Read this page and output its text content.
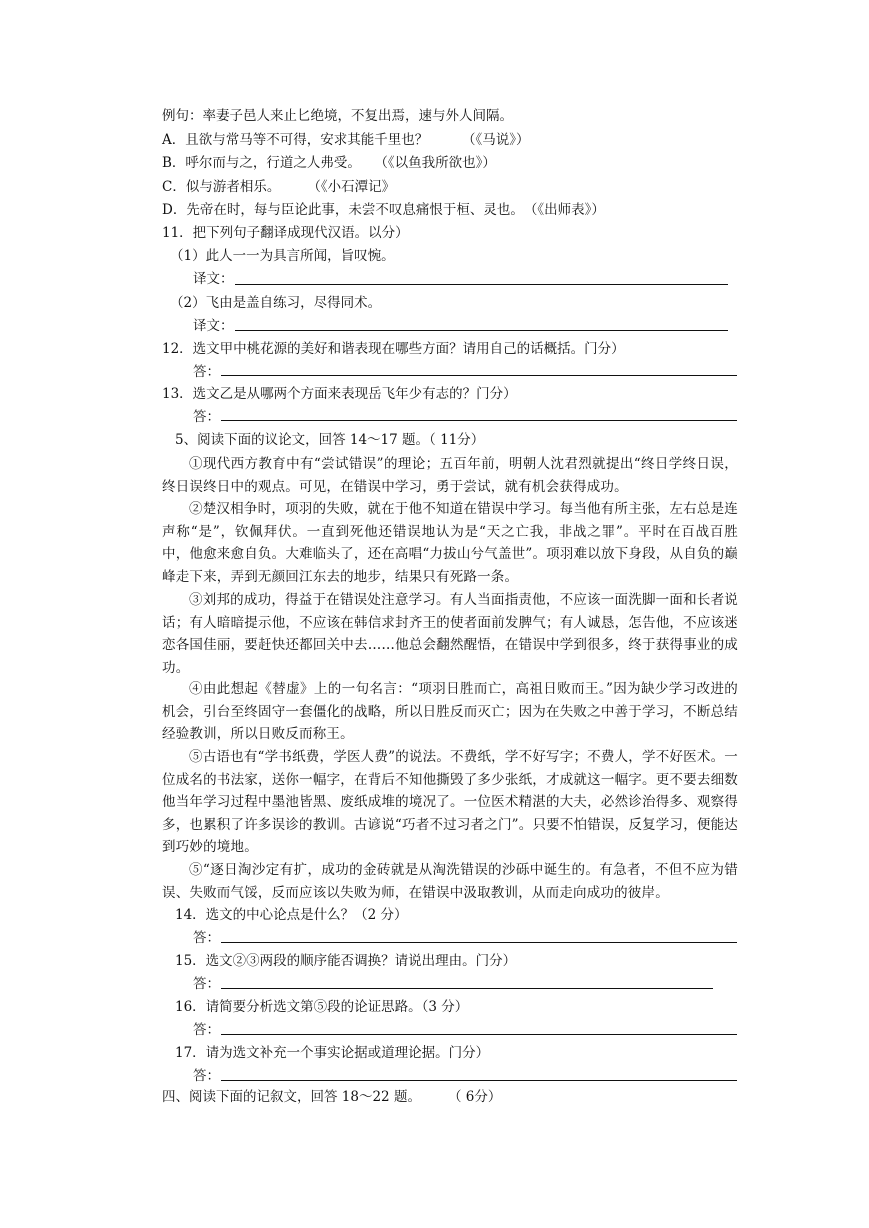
例句：率妻子邑人来止匕绝境，不复出焉，速与外人间隔。
A．且欲与常马等不可得，安求其能千里也？　　　（《马说》）
B．呼尔而与之，行道之人弗受。　　（《以鱼我所欲也》）
C．似与游者相乐。　　　（《小石潭记》
D．先帝在时，每与臣论此事，未尝不叹息痛恨于桓、灵也。　（《出师表》）
11．把下列句子翻译成现代汉语。以分）
（1）此人一一为具言所闻，旨叹惋。
译文：
（2）飞由是盖自练习，尽得同术。
译文：
12．选文甲中桃花源的美好和谐表现在哪些方面？请用自己的话概括。门分）
答：
13．选文乙是从哪两个方面来表现岳飞年少有志的？门分）
答：
5、阅读下面的议论文，回答 14～17 题。（ 11分）
①现代西方教育中有“尝试错误”的理论；五百年前，明朝人沈君烈就提出“终日学终日误，终日误终日中的观点。可见，在错误中学习，勇于尝试，就有机会获得成功。
②楚汉相争时，项羽的失败，就在于他不知道在错误中学习。每当他有所主张，左右总是连声称“是”，钦佩拜伏。一直到死他还错误地认为是“天之亡我，非战之罪”。平时在百战百胜中，他愈来愈自负。大难临头了，还在高唱“力拔山兮气盖世”。项羽难以放下身段，从自负的巅峰走下来，弄到无颜回江东去的地步，结果只有死路一条。
③刘邦的成功，得益于在错误处注意学习。有人当面指责他，不应该一面洗脚一面和长者说话；有人暗暗提示他，不应该在韩信求封齐王的使者面前发脾气；有人诚恳，怎告他，不应该迷恋各国佳丽，要赶快还都回关中去……他总会翻然醒悟，在错误中学到很多，终于获得事业的成功。
④由此想起《替虚》上的一句名言：“项羽日胜而亡，高祖日败而王。”因为缺少学习改进的机会，引台至终固守一套僵化的战略，所以日胜反而灭亡；因为在失败之中善于学习，不断总结经验教训，所以日败反而称王。
⑤古语也有“学书纸费，学医人费”的说法。不费纸，学不好写字；不费人，学不好医术。一位成名的书法家，送你一幅字，在背后不知他撕毁了多少张纸，才成就这一幅字。更不要去细数他当年学习过程中墨池皆黑、废纸成堆的境况了。一位医术精湛的大夫，必然诊治得多、观察得多，也累积了许多误诊的教训。古谚说“巧者不过习者之门”。只要不怕错误，反复学习，便能达到巧妙的境地。
⑤“逐日淘沙定有扩，成功的金砖就是从淘洗错误的沙砾中诞生的。有急者，不但不应为错误、失败而气馁，反而应该以失败为师，在错误中汲取教训，从而走向成功的彼岸。
14．选文的中心论点是什么？（2 分）
答：
15．选文②③两段的顺序能否调换？请说出理由。门分）
答：
16．请简要分析选文第⑤段的论证思路。（3 分）
答：
17．请为选文补充一个事实论据或道理论据。门分）
答：
四、阅读下面的记叙文，回答 18～22 题。　　　（ 6分）
